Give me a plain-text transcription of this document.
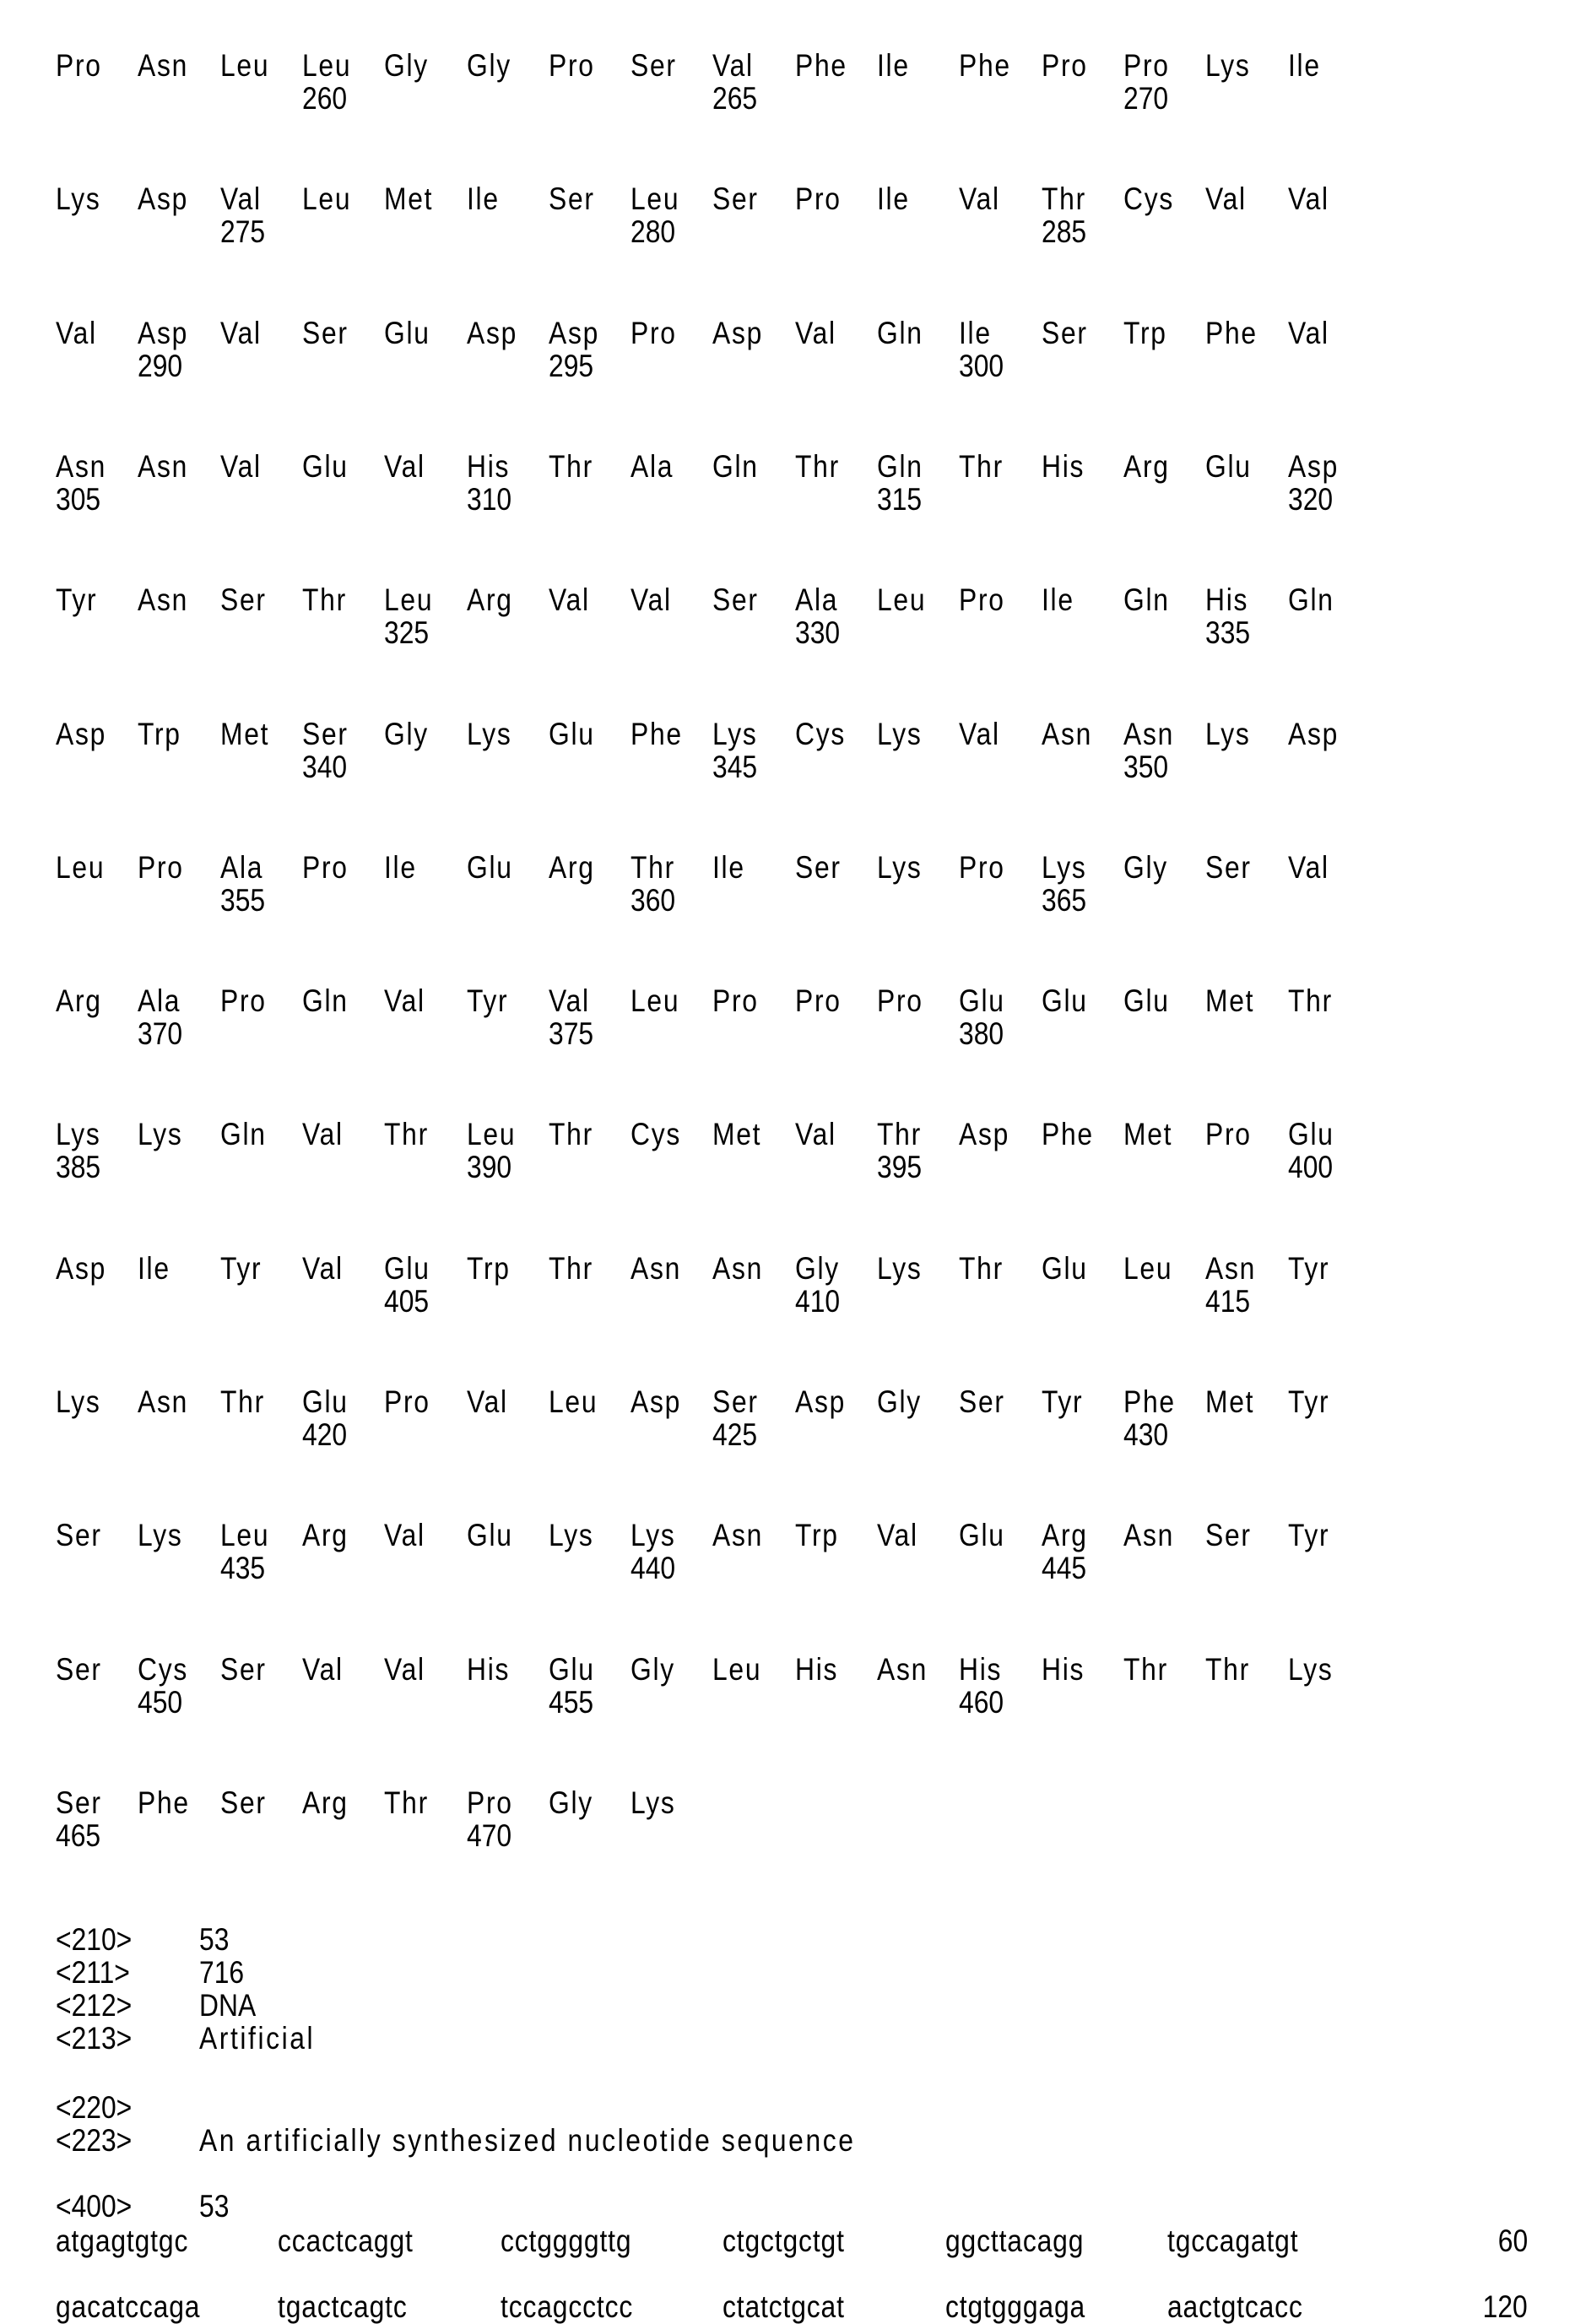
Pro Asn Leu Leu
260
Gly Gly Pro Ser Val
265
Phe Ile Phe Pro Pro
270
Lys Ile
Lys Asp Val
275
Leu Met Ile Ser Leu
280
Ser Pro Ile Val Thr
285
Cys Val Val
Val Asp
290
Val Ser Glu Asp Asp
295
Pro Asp Val Gln Ile
300
Ser Trp Phe Val
Asn
305
Asn Val Glu Val His
310
Thr Ala Gln Thr Gln
315
Thr His Arg Glu Asp
320
Tyr Asn Ser Thr Leu
325
Arg Val Val Ser Ala
330
Leu Pro Ile Gln His
335
Gln
Asp Trp Met Ser
340
Gly Lys Glu Phe Lys
345
Cys Lys Val Asn Asn
350
Lys Asp
Leu Pro Ala
355
Pro Ile Glu Arg Thr
360
Ile Ser Lys Pro Lys
365
Gly Ser Val
Arg Ala
370
Pro Gln Val Tyr Val
375
Leu Pro Pro Pro Glu
380
Glu Glu Met Thr
Lys
385
Lys Gln Val Thr Leu
390
Thr Cys Met Val Thr
395
Asp Phe Met Pro Glu
400
Asp Ile Tyr Val Glu
405
Trp Thr Asn Asn Gly
410
Lys Thr Glu Leu Asn
415
Tyr
Lys Asn Thr Glu
420
Pro Val Leu Asp Ser
425
Asp Gly Ser Tyr Phe
430
Met Tyr
Ser Lys Leu
435
Arg Val Glu Lys Lys
440
Asn Trp Val Glu Arg
445
Asn Ser Tyr
Ser Cys
450
Ser Val Val His Glu
455
Gly Leu His Asn His
460
His Thr Thr Lys
Ser
465
Phe Ser Arg Thr Pro
470
Gly Lys
<210> 53
<211> 716
<212> DNA
<213> Artificial
<220>
<223> An artificially synthesized nucleotide sequence
<400> 53
atgagtgtgc	ccactcaggt	cctggggttg	ctgctgctgt	ggcttacagg	tgccagatgt	60
gacatccaga tgactcagtc	tccagcctcc	ctatctgcat	ctgtgggaga	aactgtcacc	120
